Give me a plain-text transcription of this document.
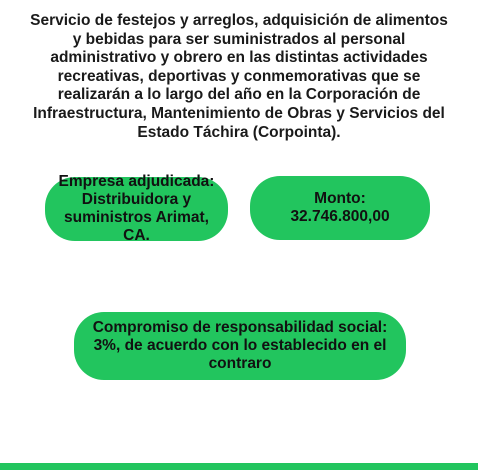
Servicio de festejos y arreglos, adquisición de alimentos y bebidas para ser suministrados al personal administrativo y obrero en las distintas actividades recreativas, deportivas y conmemorativas que se realizarán a lo largo del año en la Corporación de Infraestructura, Mantenimiento de Obras y Servicios del Estado Táchira (Corpointa).

Empresa adjudicada: Distribuidora y suministros Arimat, CA.
Monto:
32.746.800,00
Compromiso de responsabilidad social: 3%, de acuerdo con lo establecido en el contraro
